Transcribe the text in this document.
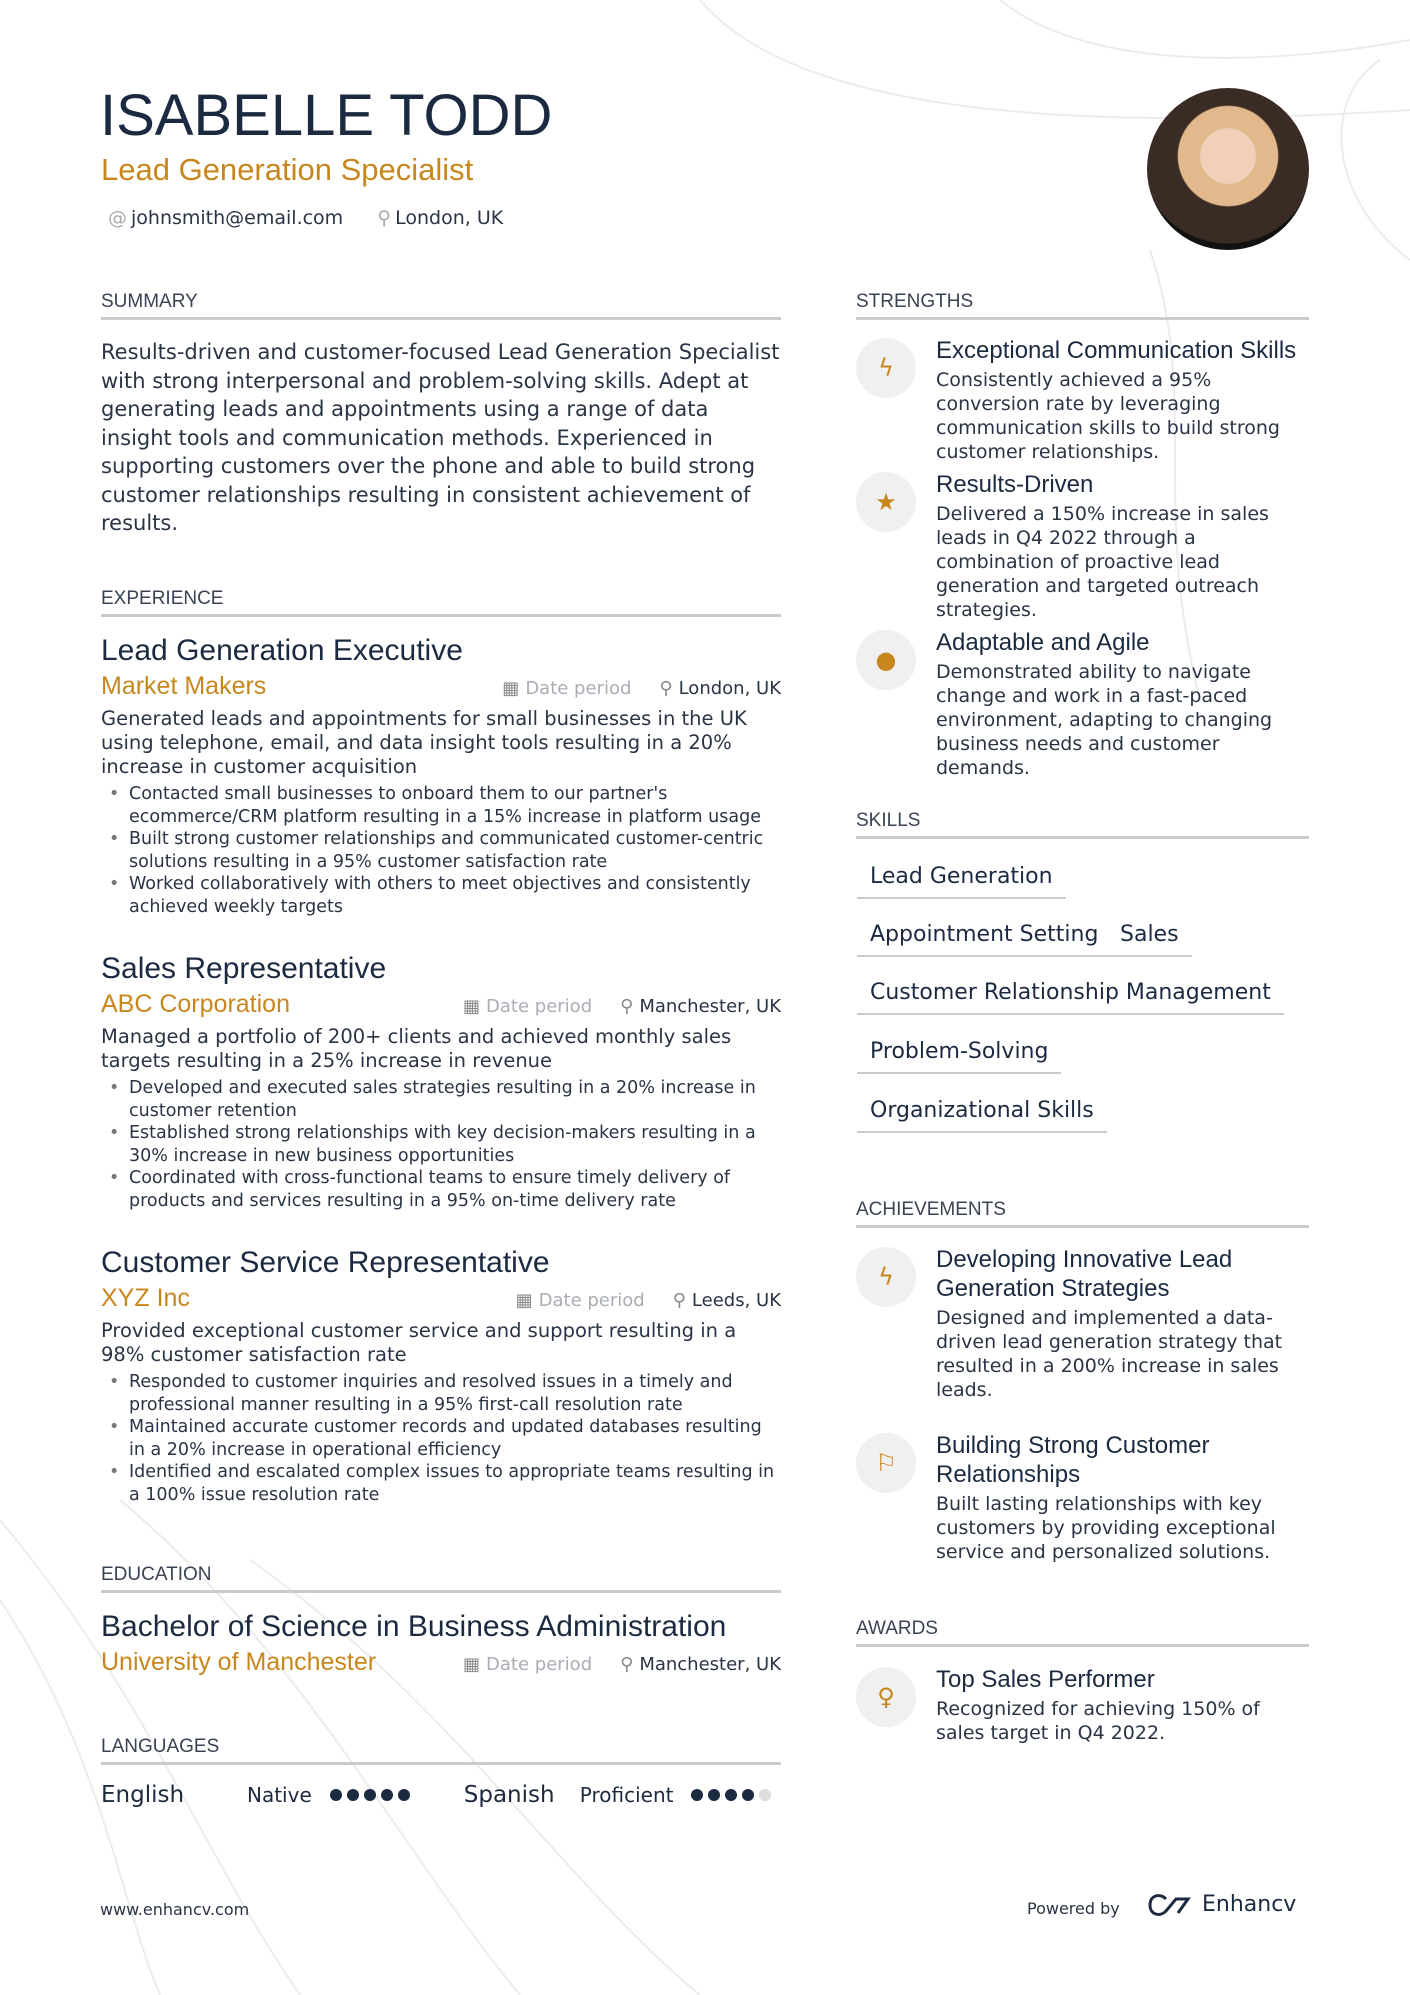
ISABELLE TODD
Lead Generation Specialist
@ johnsmith@email.com ⚲ London, UK
SUMMARY
Results-driven and customer-focused Lead Generation Specialist with strong interpersonal and problem-solving skills. Adept at generating leads and appointments using a range of data insight tools and communication methods. Experienced in supporting customers over the phone and able to build strong customer relationships resulting in consistent achievement of results.
EXPERIENCE
Lead Generation Executive
Market Makers	▦ Date period ⚲ London, UK
Generated leads and appointments for small businesses in the UK using telephone, email, and data insight tools resulting in a 20% increase in customer acquisition
• Contacted small businesses to onboard them to our partner's ecommerce/CRM platform resulting in a 15% increase in platform usage
• Built strong customer relationships and communicated customer-centric solutions resulting in a 95% customer satisfaction rate
• Worked collaboratively with others to meet objectives and consistently achieved weekly targets
Sales Representative
ABC Corporation	▦ Date period ⚲ Manchester, UK
Managed a portfolio of 200+ clients and achieved monthly sales targets resulting in a 25% increase in revenue
• Developed and executed sales strategies resulting in a 20% increase in customer retention
• Established strong relationships with key decision-makers resulting in a 30% increase in new business opportunities
• Coordinated with cross-functional teams to ensure timely delivery of products and services resulting in a 95% on-time delivery rate
Customer Service Representative
XYZ Inc	▦ Date period ⚲ Leeds, UK
Provided exceptional customer service and support resulting in a 98% customer satisfaction rate
• Responded to customer inquiries and resolved issues in a timely and professional manner resulting in a 95% first-call resolution rate
• Maintained accurate customer records and updated databases resulting in a 20% increase in operational efficiency
• Identified and escalated complex issues to appropriate teams resulting in a 100% issue resolution rate
EDUCATION
Bachelor of Science in Business Administration
University of Manchester	▦ Date period ⚲ Manchester, UK
LANGUAGES
English	Native	Spanish	Proficient
www.enhancv.com
STRENGTHS
ϟ
Exceptional Communication Skills
Consistently achieved a 95% conversion rate by leveraging communication skills to build strong customer relationships.
★
Results-Driven
Delivered a 150% increase in sales leads in Q4 2022 through a combination of proactive lead generation and targeted outreach strategies.
●
Adaptable and Agile
Demonstrated ability to navigate change and work in a fast-paced environment, adapting to changing business needs and customer demands.
SKILLS
Lead Generation
Appointment Setting Sales
Customer Relationship Management
Problem-Solving
Organizational Skills
ACHIEVEMENTS
ϟ
Developing Innovative Lead Generation Strategies
Designed and implemented a data-driven lead generation strategy that resulted in a 200% increase in sales leads.
⚐
Building Strong Customer Relationships
Built lasting relationships with key customers by providing exceptional service and personalized solutions.
AWARDS
♀
Top Sales Performer
Recognized for achieving 150% of sales target in Q4 2022.
Powered by	Enhancv
